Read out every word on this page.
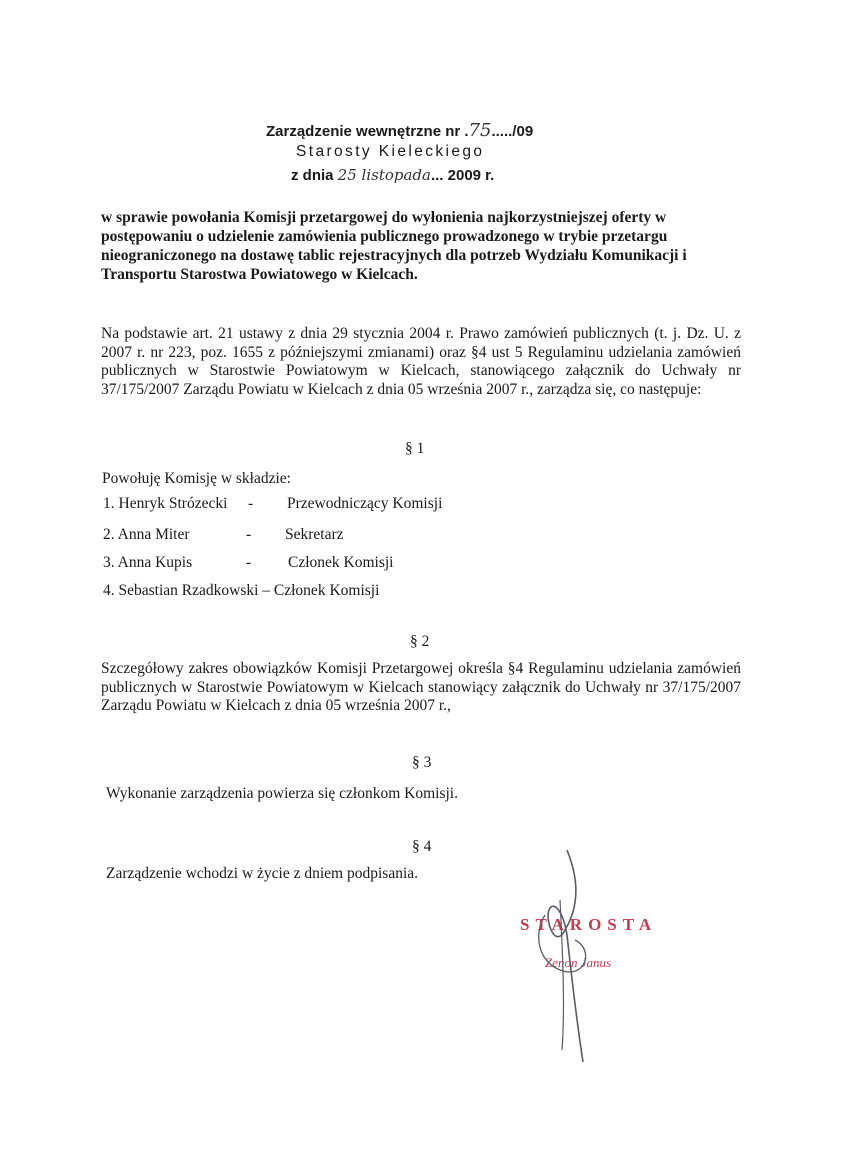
Zarządzenie wewnętrzne nr .75...../09
Starosty Kieleckiego
z dnia 25 listopada... 2009 r.
w sprawie powołania Komisji przetargowej do wyłonienia najkorzystniejszej oferty w postępowaniu o udzielenie zamówienia publicznego prowadzonego w trybie przetargu nieograniczonego na dostawę tablic rejestracyjnych dla potrzeb Wydziału Komunikacji i Transportu Starostwa Powiatowego w Kielcach.
Na podstawie art. 21 ustawy z dnia 29 stycznia 2004 r. Prawo zamówień publicznych (t. j. Dz. U. z 2007 r. nr 223, poz. 1655 z późniejszymi zmianami) oraz §4 ust 5 Regulaminu udzielania zamówień publicznych w Starostwie Powiatowym w Kielcach, stanowiącego załącznik do Uchwały nr 37/175/2007 Zarządu Powiatu w Kielcach z dnia 05 września 2007 r., zarządza się, co następuje:
§ 1
Powołuję Komisję w składzie:
1. Henryk Strózecki - Przewodniczący Komisji
2. Anna Miter	- Sekretarz
3. Anna Kupis	- Członek Komisji
4. Sebastian Rzadkowski – Członek Komisji
§ 2
Szczegółowy zakres obowiązków Komisji Przetargowej określa §4 Regulaminu udzielania zamówień publicznych w Starostwie Powiatowym w Kielcach stanowiący załącznik do Uchwały nr 37/175/2007 Zarządu Powiatu w Kielcach z dnia 05 września 2007 r.,
§ 3
Wykonanie zarządzenia powierza się członkom Komisji.
§ 4
Zarządzenie wchodzi w życie z dniem podpisania.
STAROSTA
Zenon Janus
